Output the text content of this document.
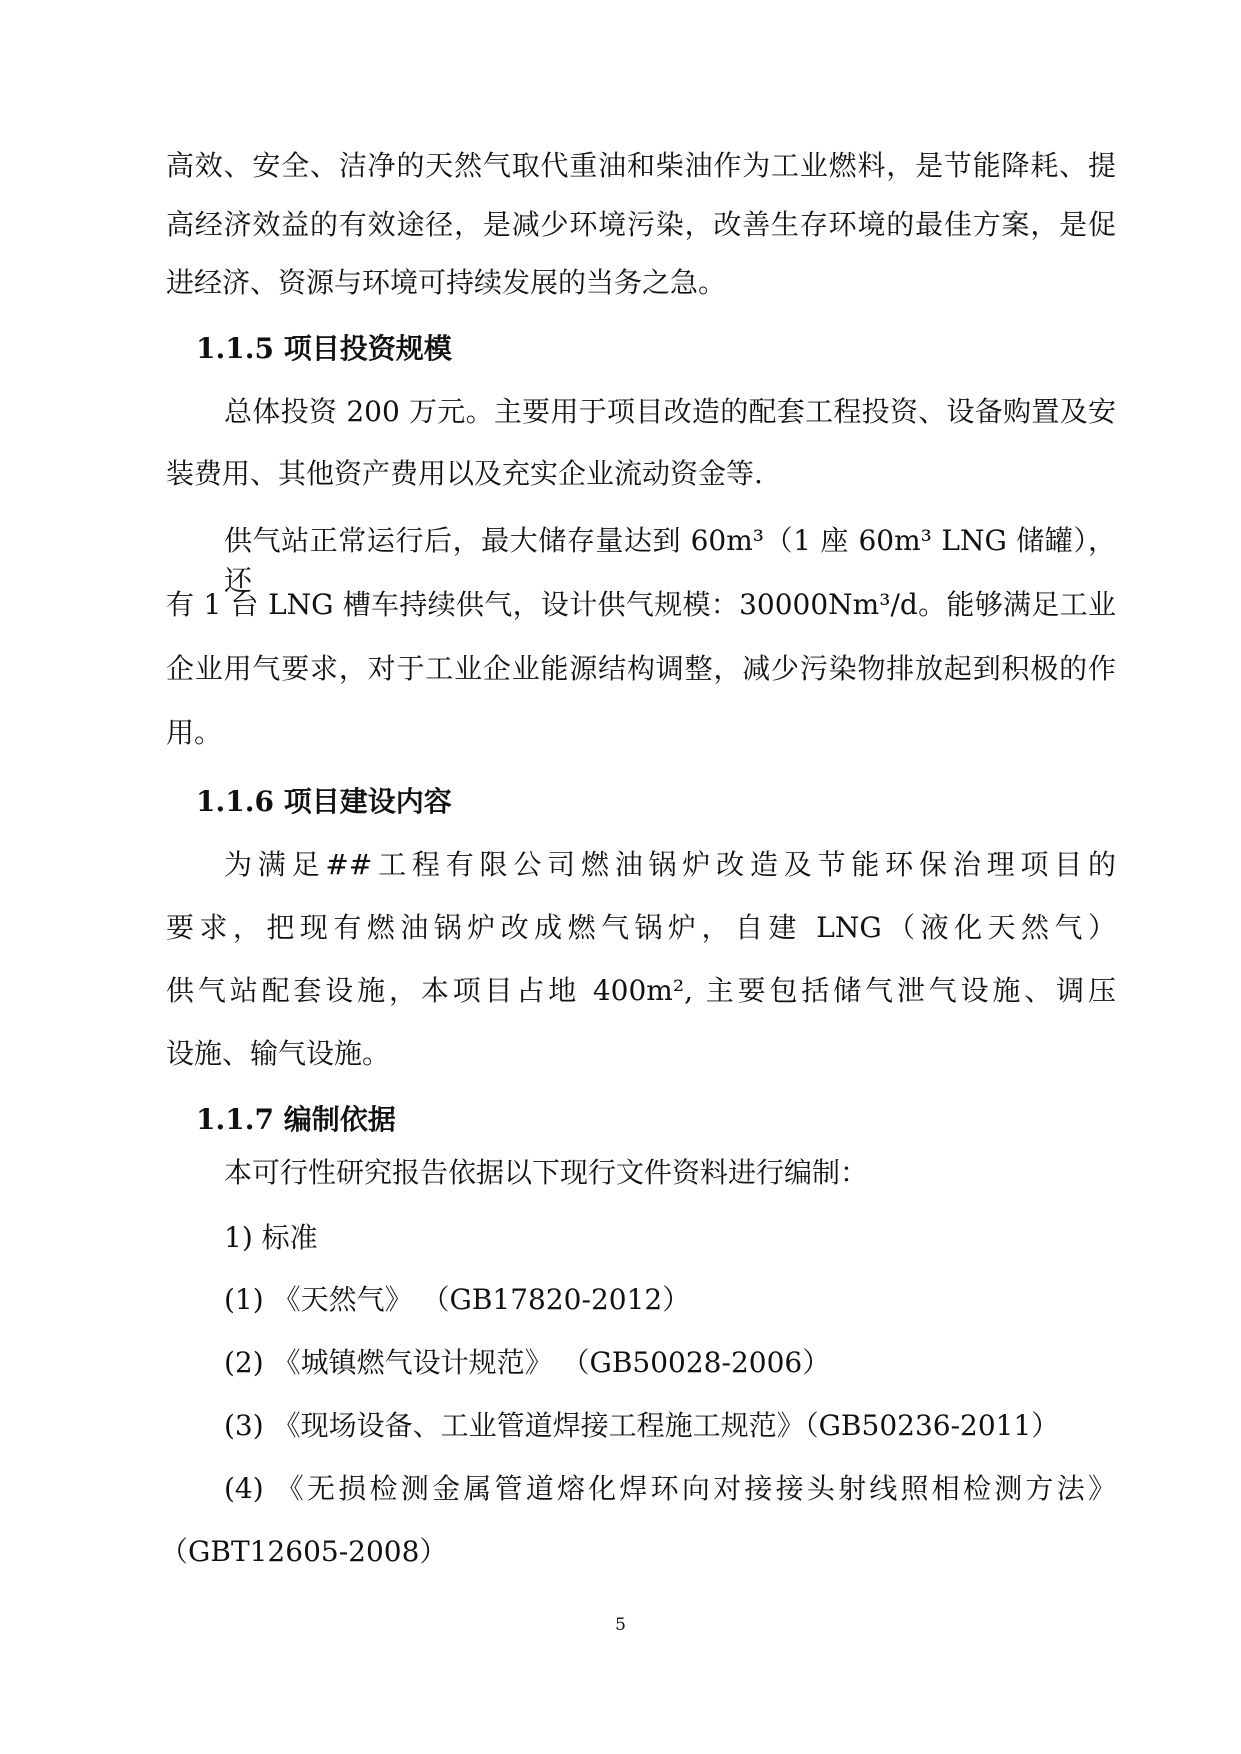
高效、安全、洁净的天然气取代重油和柴油作为工业燃料，是节能降耗、提
高经济效益的有效途径，是减少环境污染，改善生存环境的最佳方案，是促
进经济、资源与环境可持续发展的当务之急。
1.1.5 项目投资规模
总体投资 200 万元。主要用于项目改造的配套工程投资、设备购置及安
装费用、其他资产费用以及充实企业流动资金等.
供气站正常运行后，最大储存量达到 60m³（1 座 60m³ LNG 储罐），还
有 1 台 LNG 槽车持续供气，设计供气规模：30000Nm³/d。能够满足工业
企业用气要求，对于工业企业能源结构调整，减少污染物排放起到积极的作
用。
1.1.6 项目建设内容
为满足##工程有限公司燃油锅炉改造及节能环保治理项目的
要求，把现有燃油锅炉改成燃气锅炉，自建 LNG（液化天然气）
供气站配套设施，本项目占地 400m², 主要包括储气泄气设施、调压
设施、输气设施。
1.1.7 编制依据
本可行性研究报告依据以下现行文件资料进行编制：
1) 标准
(1) 《天然气》 （GB17820-2012）
(2) 《城镇燃气设计规范》 （GB50028-2006）
(3) 《现场设备、工业管道焊接工程施工规范》（GB50236-2011）
(4) 《无损检测金属管道熔化焊环向对接接头射线照相检测方法》
（GBT12605-2008）
5
